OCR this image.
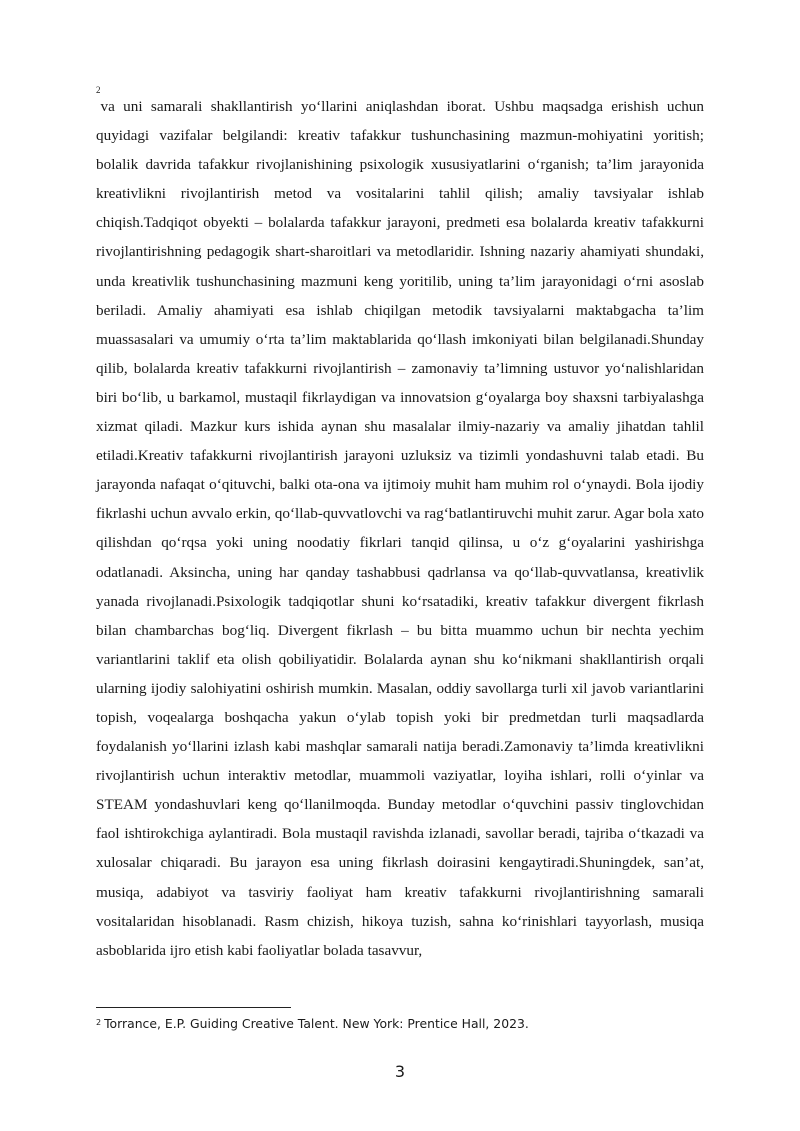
$^2$va uni samarali shakllantirish yo‘llarini aniqlashdan iborat. Ushbu maqsadga erishish uchun quyidagi vazifalar belgilandi: kreativ tafakkur tushunchasining mazmun-mohiyatini yoritish; bolalik davrida tafakkur rivojlanishining psixologik xususiyatlarini o‘rganish; ta’lim jarayonida kreativlikni rivojlantirish metod va vositalarini tahlil qilish; amaliy tavsiyalar ishlab chiqish.Tadqiqot obyekti – bolalarda tafakkur jarayoni, predmeti esa bolalarda kreativ tafakkurni rivojlantirishning pedagogik shart-sharoitlari va metodlaridir. Ishning nazariy ahamiyati shundaki, unda kreativlik tushunchasining mazmuni keng yoritilib, uning ta’lim jarayonidagi o‘rni asoslab beriladi. Amaliy ahamiyati esa ishlab chiqilgan metodik tavsiyalarni maktabgacha ta’lim muassasalari va umumiy o‘rta ta’lim maktablarida qo‘llash imkoniyati bilan belgilanadi.Shunday qilib, bolalarda kreativ tafakkurni rivojlantirish – zamonaviy ta’limning ustuvor yo‘nalishlaridan biri bo‘lib, u barkamol, mustaqil fikrlaydigan va innovatsion g‘oyalarga boy shaxsni tarbiyalashga xizmat qiladi. Mazkur kurs ishida aynan shu masalalar ilmiy-nazariy va amaliy jihatdan tahlil etiladi.Kreativ tafakkurni rivojlantirish jarayoni uzluksiz va tizimli yondashuvni talab etadi. Bu jarayonda nafaqat o‘qituvchi, balki ota-ona va ijtimoiy muhit ham muhim rol o‘ynaydi. Bola ijodiy fikrlashi uchun avvalo erkin, qo‘llab-quvvatlovchi va rag‘batlantiruvchi muhit zarur. Agar bola xato qilishdan qo‘rqsa yoki uning noodatiy fikrlari tanqid qilinsa, u o‘z g‘oyalarini yashirishga odatlanadi. Aksincha, uning har qanday tashabbusi qadrlansa va qo‘llab-quvvatlansa, kreativlik yanada rivojlanadi.Psixologik tadqiqotlar shuni ko‘rsatadiki, kreativ tafakkur divergent fikrlash bilan chambarchas bog‘liq. Divergent fikrlash – bu bitta muammo uchun bir nechta yechim variantlarini taklif eta olish qobiliyatidir. Bolalarda aynan shu ko‘nikmani shakllantirish orqali ularning ijodiy salohiyatini oshirish mumkin. Masalan, oddiy savollarga turli xil javob variantlarini topish, voqealarga boshqacha yakun o‘ylab topish yoki bir predmetdan turli maqsadlarda foydalanish yo‘llarini izlash kabi mashqlar samarali natija beradi.Zamonaviy ta’limda kreativlikni rivojlantirish uchun interaktiv metodlar, muammoli vaziyatlar, loyiha ishlari, rolli o‘yinlar va STEAM yondashuvlari keng qo‘llanilmoqda. Bunday metodlar o‘quvchini passiv tinglovchidan faol ishtirokchiga aylantiradi. Bola mustaqil ravishda izlanadi, savollar beradi, tajriba o‘tkazadi va xulosalar chiqaradi. Bu jarayon esa uning fikrlash doirasini kengaytiradi.Shuningdek, san’at, musiqa, adabiyot va tasviriy faoliyat ham kreativ tafakkurni rivojlantirishning samarali vositalaridan hisoblanadi. Rasm chizish, hikoya tuzish, sahna ko‘rinishlari tayyorlash, musiqa asboblarida ijro etish kabi faoliyatlar bolada tasavvur,

$^2$ Torrance, E.P. Guiding Creative Talent. New York: Prentice Hall, 2023.

3
